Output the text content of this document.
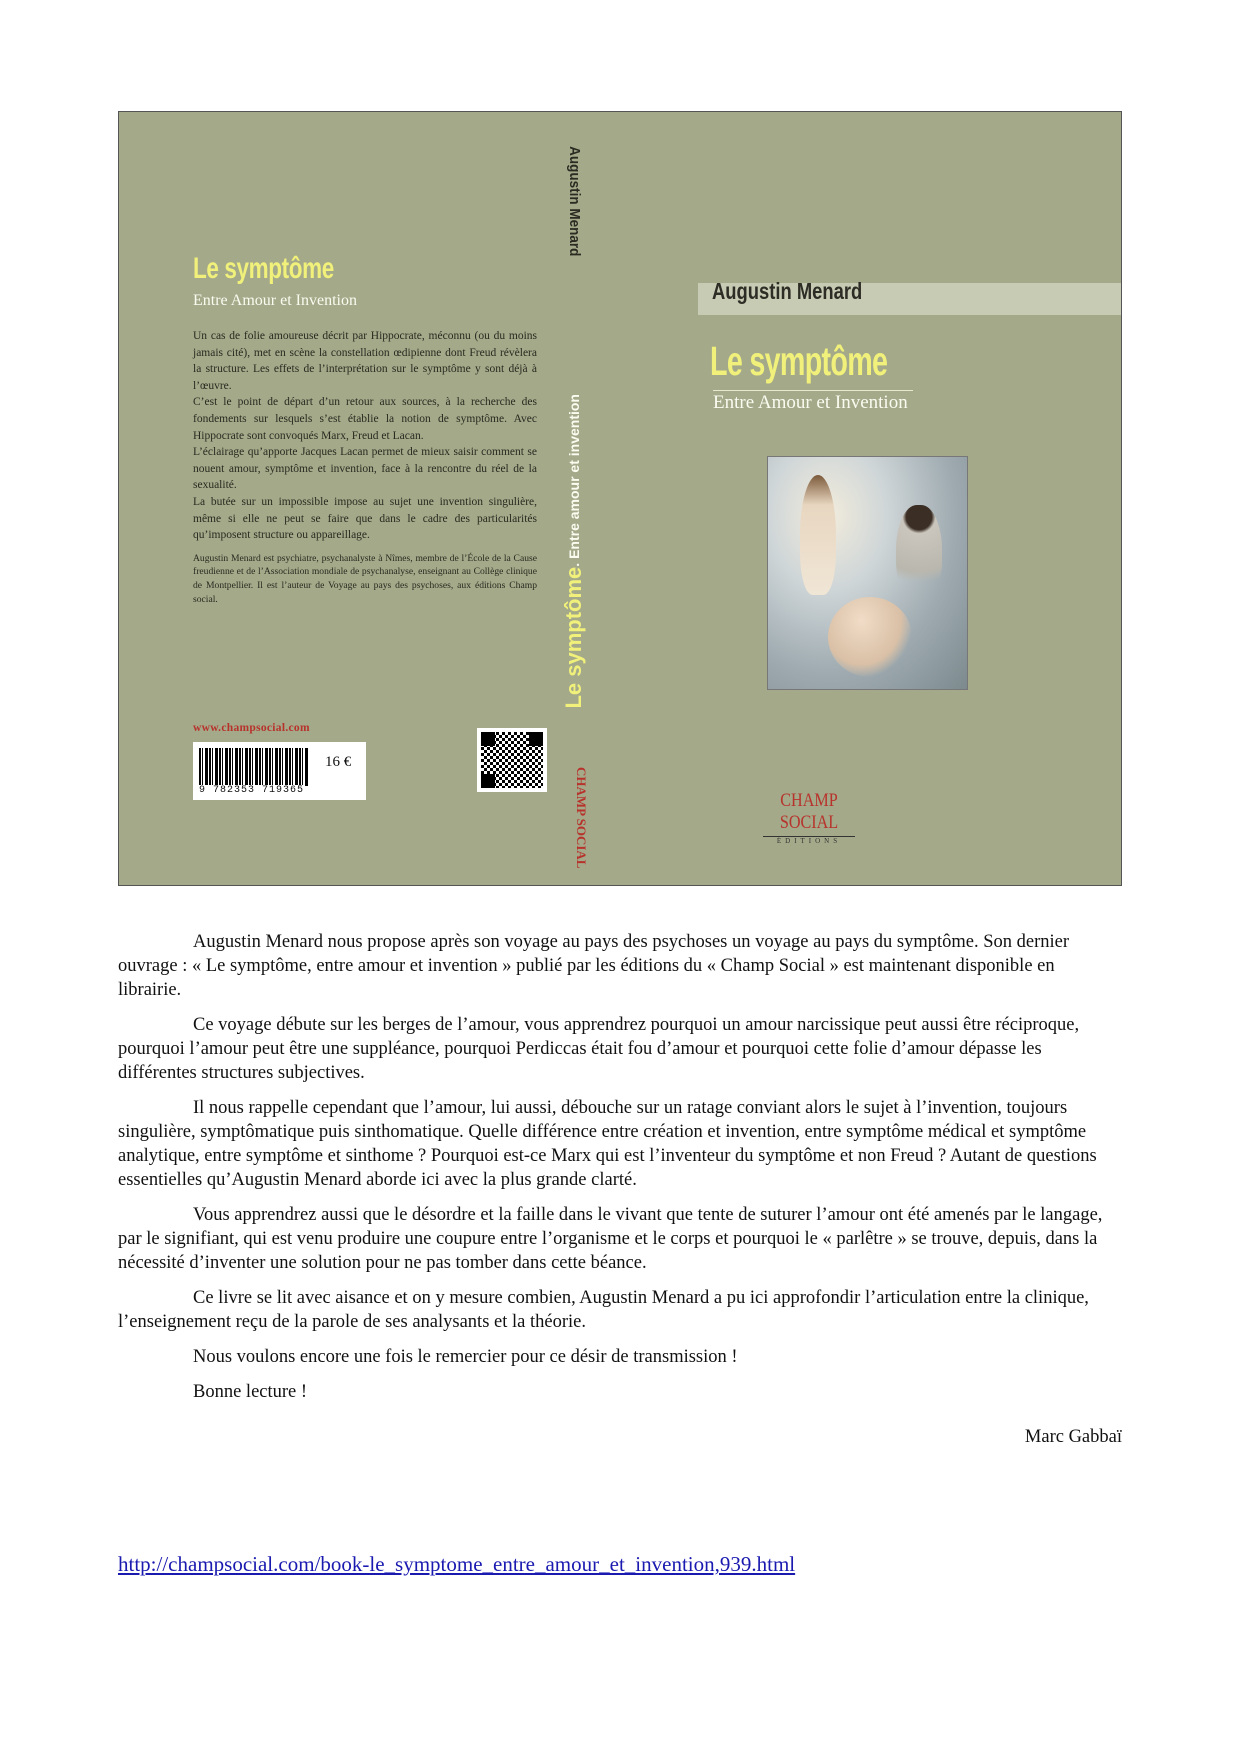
Le symptôme
Entre Amour et Invention

Un cas de folie amoureuse décrit par Hippocrate, méconnu (ou du moins jamais cité), met en scène la constellation œdipienne dont Freud révèlera la structure. Les effets de l’interprétation sur le symptôme y sont déjà à l’œuvre.

C’est le point de départ d’un retour aux sources, à la recherche des fondements sur lesquels s’est établie la notion de symptôme. Avec Hippocrate sont convoqués Marx, Freud et Lacan.

L’éclairage qu’apporte Jacques Lacan permet de mieux saisir comment se nouent amour, symptôme et invention, face à la rencontre du réel de la sexualité.

La butée sur un impossible impose au sujet une invention singulière, même si elle ne peut se faire que dans le cadre des particularités qu’imposent structure ou appareillage.

Augustin Menard est psychiatre, psychanalyste à Nîmes, membre de l’École de la Cause freudienne et de l’Association mondiale de psychanalyse, enseignant au Collège clinique de Montpellier. Il est l’auteur de Voyage au pays des psychoses, aux éditions Champ social.

www.champsocial.com
9 782353 719365
16 €
Augustin Menard
Le symptôme. Entre amour et invention
CHAMP SOCIAL
Augustin Menard
Le symptôme
Entre Amour et Invention
CHAMP SOCIAL
ÉDITIONS

Augustin Menard nous propose après son voyage au pays des psychoses un voyage au pays du symptôme. Son dernier ouvrage : « Le symptôme, entre amour et invention » publié par les éditions du « Champ Social » est maintenant disponible en librairie.

Ce voyage débute sur les berges de l’amour, vous apprendrez pourquoi un amour narcissique peut aussi être réciproque, pourquoi l’amour peut être une suppléance, pourquoi Perdiccas était fou d’amour et pourquoi cette folie d’amour dépasse les différentes structures subjectives.

Il nous rappelle cependant que l’amour, lui aussi, débouche sur un ratage conviant alors le sujet à l’invention, toujours singulière, symptômatique puis sinthomatique. Quelle différence entre création et invention, entre symptôme médical et symptôme analytique, entre symptôme et sinthome ? Pourquoi est-ce Marx qui est l’inventeur du symptôme et non Freud ? Autant de questions essentielles qu’Augustin Menard aborde ici avec la plus grande clarté.

Vous apprendrez aussi que le désordre et la faille dans le vivant que tente de suturer l’amour ont été amenés par le langage, par le signifiant, qui est venu produire une coupure entre l’organisme et le corps et pourquoi le « parlêtre » se trouve, depuis, dans la nécessité d’inventer une solution pour ne pas tomber dans cette béance.

Ce livre se lit avec aisance et on y mesure combien, Augustin Menard a pu ici approfondir l’articulation entre la clinique, l’enseignement reçu de la parole de ses analysants et la théorie.

Nous voulons encore une fois le remercier pour ce désir de transmission !

Bonne lecture !

Marc Gabbaï
http://champsocial.com/book-le_symptome_entre_amour_et_invention,939.html
